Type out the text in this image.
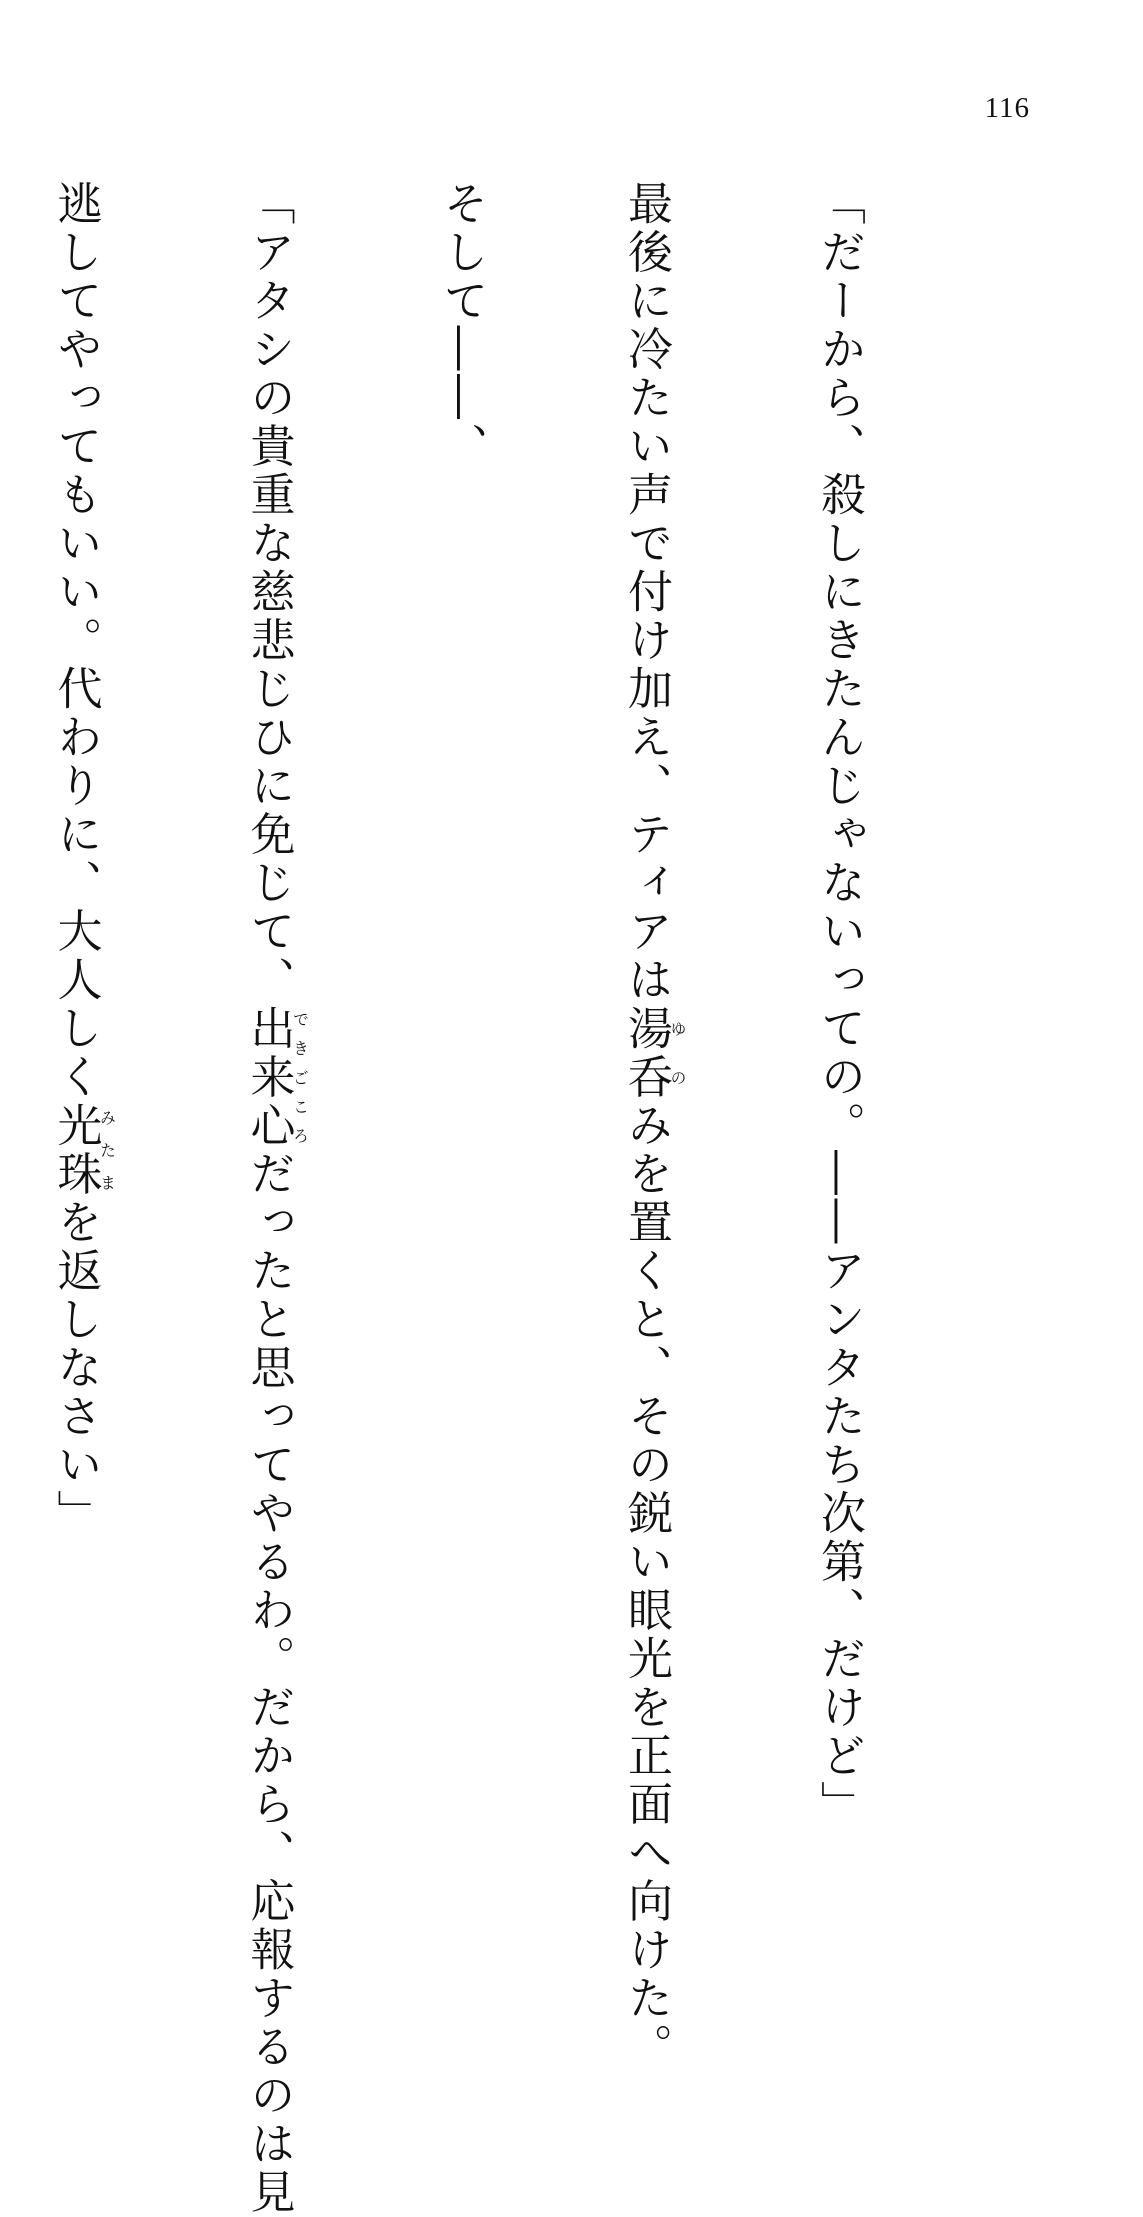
116

「だーから、殺しにきたんじゃないっての。――アンタたち次第、だけど」

最後に冷たい声で付け加え、ティアは湯呑ゆのみを置くと、その鋭い眼光を正面へ向けた。

そして――、

「アタシの貴重な慈悲じひに免じて、出来心できごころだったと思ってやるわ。だから、応報するのは見

逃してやってもいい。代わりに、大人しく光珠みたまを返しなさい」
